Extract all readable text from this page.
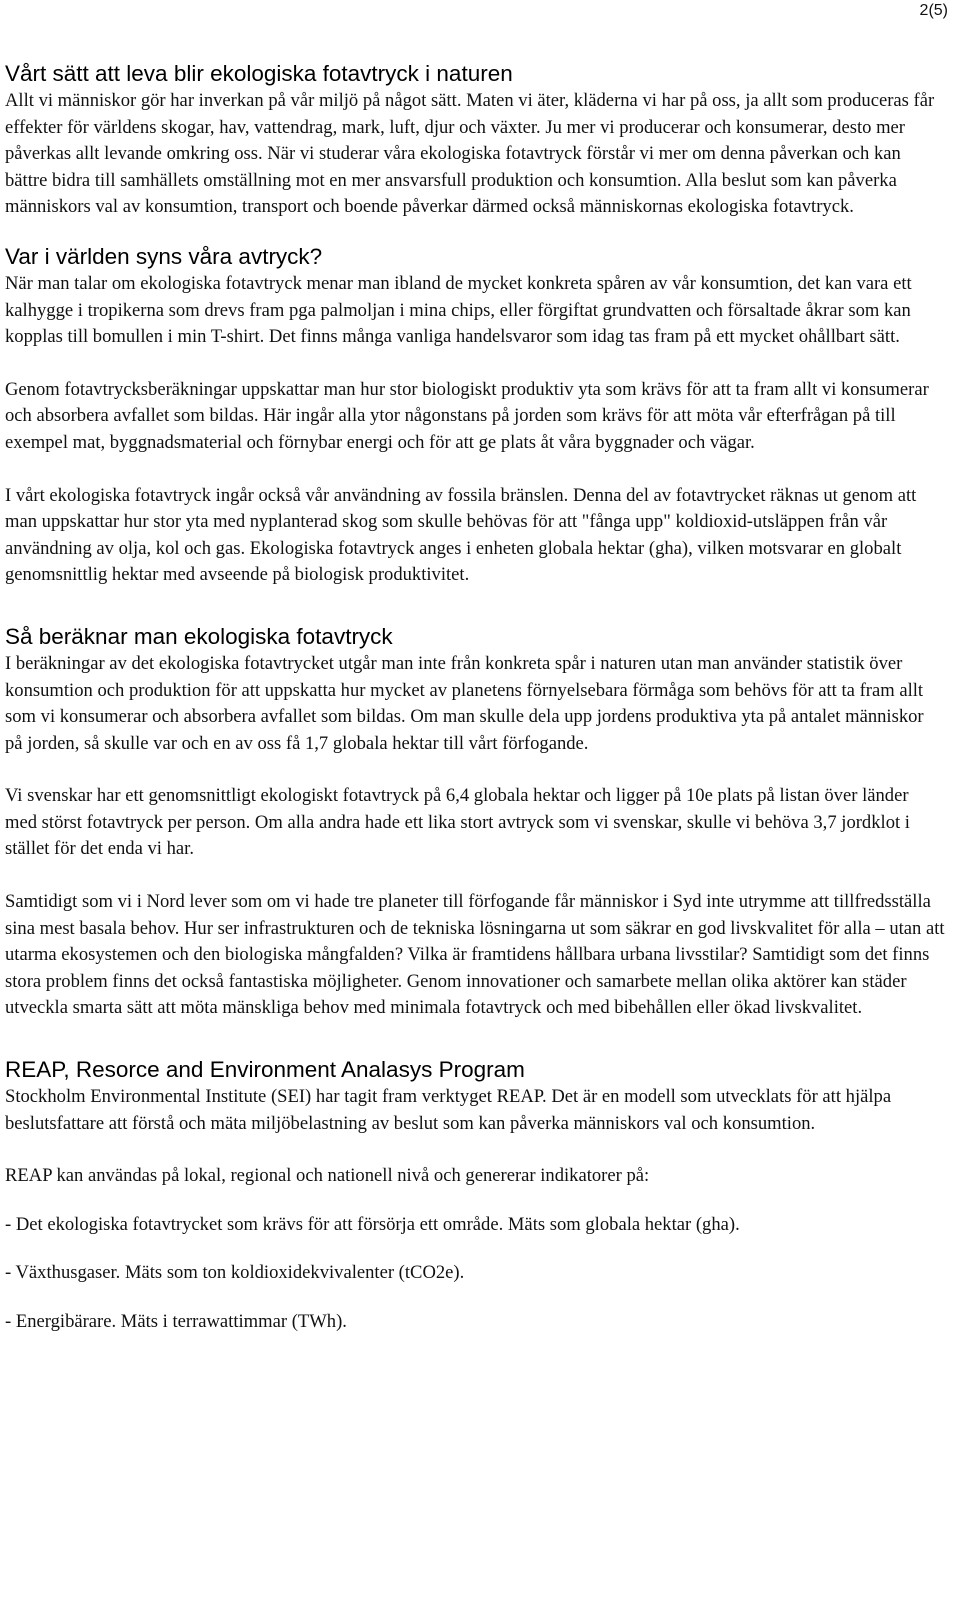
2(5)
Vårt sätt att leva blir ekologiska fotavtryck i naturen

Allt vi människor gör har inverkan på vår miljö på något sätt. Maten vi äter, kläderna vi har på oss, ja allt som produceras får effekter för världens skogar, hav, vattendrag, mark, luft, djur och växter. Ju mer vi producerar och konsumerar, desto mer påverkas allt levande omkring oss. När vi studerar våra ekologiska fotavtryck förstår vi mer om denna påverkan och kan bättre bidra till samhällets omställning mot en mer ansvarsfull produktion och konsumtion. Alla beslut som kan påverka människors val av konsumtion, transport och boende påverkar därmed också människornas ekologiska fotavtryck.

Var i världen syns våra avtryck?

När man talar om ekologiska fotavtryck menar man ibland de mycket konkreta spåren av vår konsumtion, det kan vara ett kalhygge i tropikerna som drevs fram pga palmoljan i mina chips, eller förgiftat grundvatten och försaltade åkrar som kan kopplas till bomullen i min T-shirt. Det finns många vanliga handelsvaror som idag tas fram på ett mycket ohållbart sätt.

Genom fotavtrycksberäkningar uppskattar man hur stor biologiskt produktiv yta som krävs för att ta fram allt vi konsumerar och absorbera avfallet som bildas. Här ingår alla ytor någonstans på jorden som krävs för att möta vår efterfrågan på till exempel mat, byggnadsmaterial och förnybar energi och för att ge plats åt våra byggnader och vägar.

I vårt ekologiska fotavtryck ingår också vår användning av fossila bränslen. Denna del av fotavtrycket räknas ut genom att man uppskattar hur stor yta med nyplanterad skog som skulle behövas för att "fånga upp" koldioxid-utsläppen från vår användning av olja, kol och gas. Ekologiska fotavtryck anges i enheten globala hektar (gha), vilken motsvarar en globalt genomsnittlig hektar med avseende på biologisk produktivitet.

Så beräknar man ekologiska fotavtryck

I beräkningar av det ekologiska fotavtrycket utgår man inte från konkreta spår i naturen utan man använder statistik över konsumtion och produktion för att uppskatta hur mycket av planetens förnyelsebara förmåga som behövs för att ta fram allt som vi konsumerar och absorbera avfallet som bildas. Om man skulle dela upp jordens produktiva yta på antalet människor på jorden, så skulle var och en av oss få 1,7 globala hektar till vårt förfogande.

Vi svenskar har ett genomsnittligt ekologiskt fotavtryck på 6,4 globala hektar och ligger på 10e plats på listan över länder med störst fotavtryck per person. Om alla andra hade ett lika stort avtryck som vi svenskar, skulle vi behöva 3,7 jordklot i stället för det enda vi har.

Samtidigt som vi i Nord lever som om vi hade tre planeter till förfogande får människor i Syd inte utrymme att tillfredsställa sina mest basala behov. Hur ser infrastrukturen och de tekniska lösningarna ut som säkrar en god livskvalitet för alla – utan att utarma ekosystemen och den biologiska mångfalden? Vilka är framtidens hållbara urbana livsstilar? Samtidigt som det finns stora problem finns det också fantastiska möjligheter. Genom innovationer och samarbete mellan olika aktörer kan städer utveckla smarta sätt att möta mänskliga behov med minimala fotavtryck och med bibehållen eller ökad livskvalitet.

REAP, Resorce and Environment Analasys Program

Stockholm Environmental Institute (SEI) har tagit fram verktyget REAP. Det är en modell som utvecklats för att hjälpa beslutsfattare att förstå och mäta miljöbelastning av beslut som kan påverka människors val och konsumtion.

REAP kan användas på lokal, regional och nationell nivå och genererar indikatorer på:

- Det ekologiska fotavtrycket som krävs för att försörja ett område. Mäts som globala hektar (gha).

- Växthusgaser. Mäts som ton koldioxidekvivalenter (tCO2e).

- Energibärare. Mäts i terrawattimmar (TWh).
